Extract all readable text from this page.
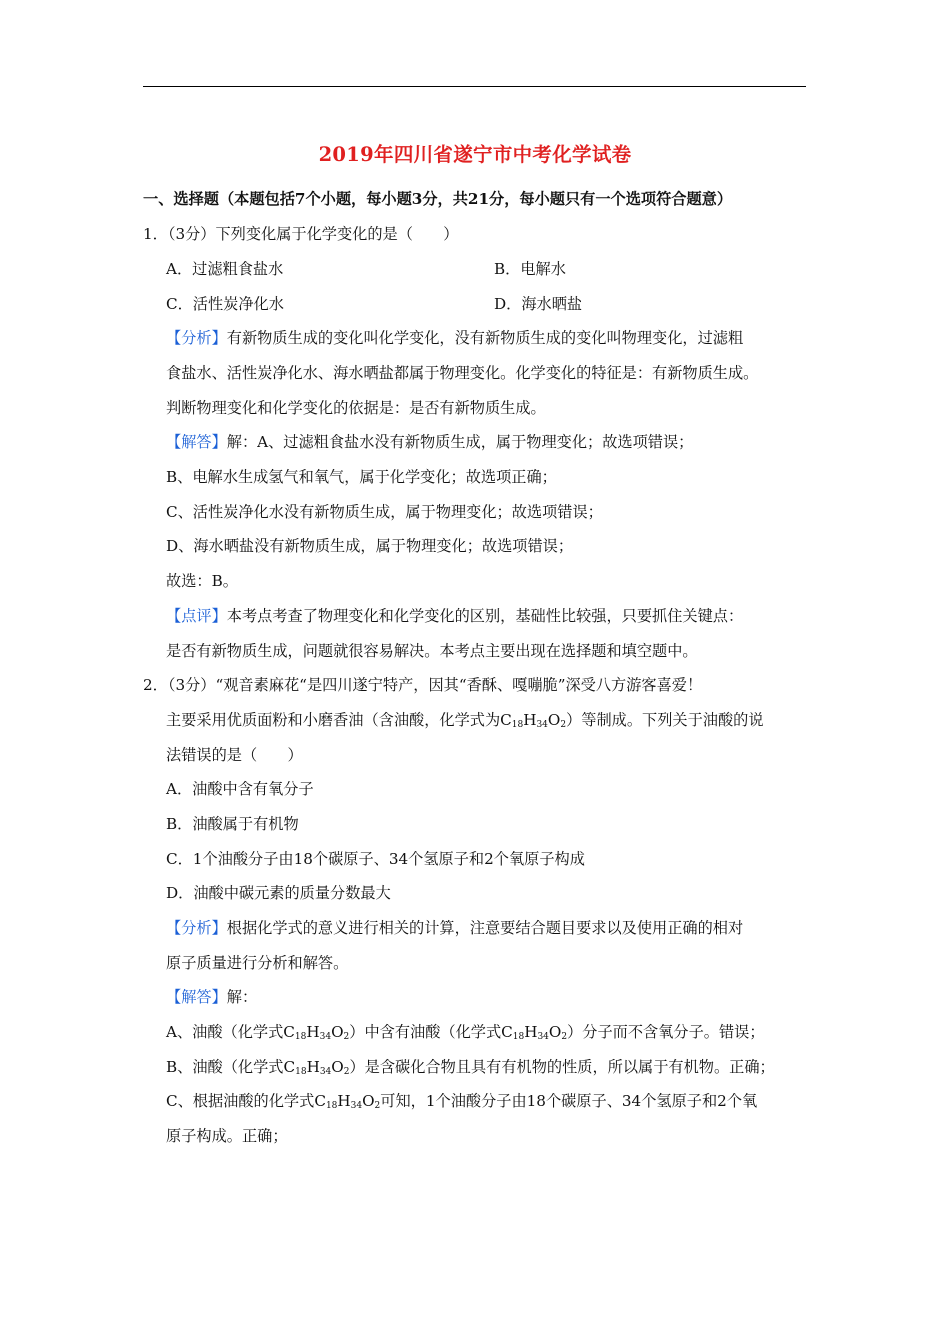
2019年四川省遂宁市中考化学试卷
一、选择题（本题包括7个小题，每小题3分，共21分，每小题只有一个选项符合题意）
1．（3分）下列变化属于化学变化的是（　　）
A．过滤粗食盐水	B．电解水
C．活性炭净化水	D．海水晒盐
【分析】有新物质生成的变化叫化学变化，没有新物质生成的变化叫物理变化，过滤粗
食盐水、活性炭净化水、海水晒盐都属于物理变化。化学变化的特征是：有新物质生成。
判断物理变化和化学变化的依据是：是否有新物质生成。
【解答】解：A、过滤粗食盐水没有新物质生成，属于物理变化；故选项错误；
B、电解水生成氢气和氧气，属于化学变化；故选项正确；
C、活性炭净化水没有新物质生成，属于物理变化；故选项错误；
D、海水晒盐没有新物质生成，属于物理变化；故选项错误；
故选：B。
【点评】本考点考查了物理变化和化学变化的区别，基础性比较强，只要抓住关键点：
是否有新物质生成，问题就很容易解决。本考点主要出现在选择题和填空题中。
2．（3分）“观音素麻花“是四川遂宁特产，因其“香酥、嘎嘣脆”深受八方游客喜爱！
主要采用优质面粉和小磨香油（含油酸，化学式为$C_{18}H_{34}O_2$）等制成。下列关于油酸的说
法错误的是（　　）
A．油酸中含有氧分子
B．油酸属于有机物
C．1个油酸分子由18个碳原子、34个氢原子和2个氧原子构成
D．油酸中碳元素的质量分数最大
【分析】根据化学式的意义进行相关的计算，注意要结合题目要求以及使用正确的相对
原子质量进行分析和解答。
【解答】解：
A、油酸（化学式$C_{18}H_{34}O_2$）中含有油酸（化学式$C_{18}H_{34}O_2$）分子而不含氧分子。错误；
B、油酸（化学式$C_{18}H_{34}O_2$）是含碳化合物且具有有机物的性质，所以属于有机物。正确；
C、根据油酸的化学式$C_{18}H_{34}O_2$可知，1个油酸分子由18个碳原子、34个氢原子和2个氧
原子构成。正确；
